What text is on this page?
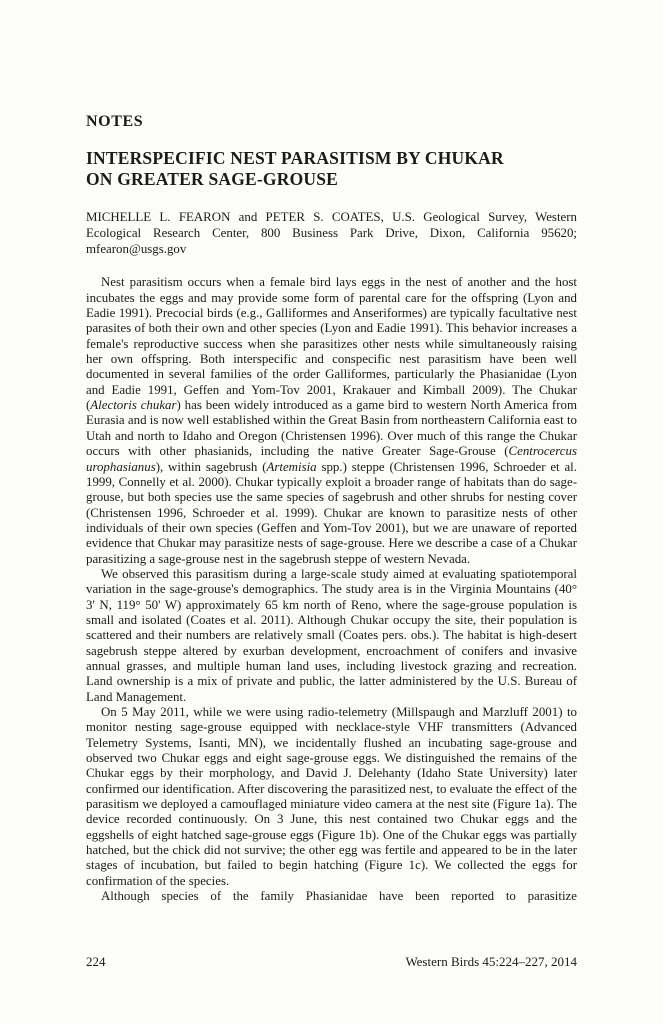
NOTES
INTERSPECIFIC NEST PARASITISM BY CHUKAR
ON GREATER SAGE-GROUSE

MICHELLE L. FEARON and PETER S. COATES, U.S. Geological Survey, Western Ecological Research Center, 800 Business Park Drive, Dixon, California 95620; mfearon@usgs.gov

Nest parasitism occurs when a female bird lays eggs in the nest of another and the host incubates the eggs and may provide some form of parental care for the offspring (Lyon and Eadie 1991). Precocial birds (e.g., Galliformes and Anseriformes) are typically facultative nest parasites of both their own and other species (Lyon and Eadie 1991). This behavior increases a female's reproductive success when she parasitizes other nests while simultaneously raising her own offspring. Both interspecific and conspecific nest parasitism have been well documented in several families of the order Galliformes, particularly the Phasianidae (Lyon and Eadie 1991, Geffen and Yom-Tov 2001, Krakauer and Kimball 2009). The Chukar (Alectoris chukar) has been widely introduced as a game bird to western North America from Eurasia and is now well established within the Great Basin from northeastern California east to Utah and north to Idaho and Oregon (Christensen 1996). Over much of this range the Chukar occurs with other phasianids, including the native Greater Sage-Grouse (Centrocercus urophasianus), within sagebrush (Artemisia spp.) steppe (Christensen 1996, Schroeder et al. 1999, Connelly et al. 2000). Chukar typically exploit a broader range of habitats than do sage-grouse, but both species use the same species of sagebrush and other shrubs for nesting cover (Christensen 1996, Schroeder et al. 1999). Chukar are known to parasitize nests of other individuals of their own species (Geffen and Yom-Tov 2001), but we are unaware of reported evidence that Chukar may parasitize nests of sage-grouse. Here we describe a case of a Chukar parasitizing a sage-grouse nest in the sagebrush steppe of western Nevada.

We observed this parasitism during a large-scale study aimed at evaluating spatiotemporal variation in the sage-grouse's demographics. The study area is in the Virginia Mountains (40° 3' N, 119° 50' W) approximately 65 km north of Reno, where the sage-grouse population is small and isolated (Coates et al. 2011). Although Chukar occupy the site, their population is scattered and their numbers are relatively small (Coates pers. obs.). The habitat is high-desert sagebrush steppe altered by exurban development, encroachment of conifers and invasive annual grasses, and multiple human land uses, including livestock grazing and recreation. Land ownership is a mix of private and public, the latter administered by the U.S. Bureau of Land Management.

On 5 May 2011, while we were using radio-telemetry (Millspaugh and Marzluff 2001) to monitor nesting sage-grouse equipped with necklace-style VHF transmitters (Advanced Telemetry Systems, Isanti, MN), we incidentally flushed an incubating sage-grouse and observed two Chukar eggs and eight sage-grouse eggs. We distinguished the remains of the Chukar eggs by their morphology, and David J. Delehanty (Idaho State University) later confirmed our identification. After discovering the parasitized nest, to evaluate the effect of the parasitism we deployed a camouflaged miniature video camera at the nest site (Figure 1a). The device recorded continuously. On 3 June, this nest contained two Chukar eggs and the eggshells of eight hatched sage-grouse eggs (Figure 1b). One of the Chukar eggs was partially hatched, but the chick did not survive; the other egg was fertile and appeared to be in the later stages of incubation, but failed to begin hatching (Figure 1c). We collected the eggs for confirmation of the species.

Although species of the family Phasianidae have been reported to parasitize

224	Western Birds 45:224–227, 2014
